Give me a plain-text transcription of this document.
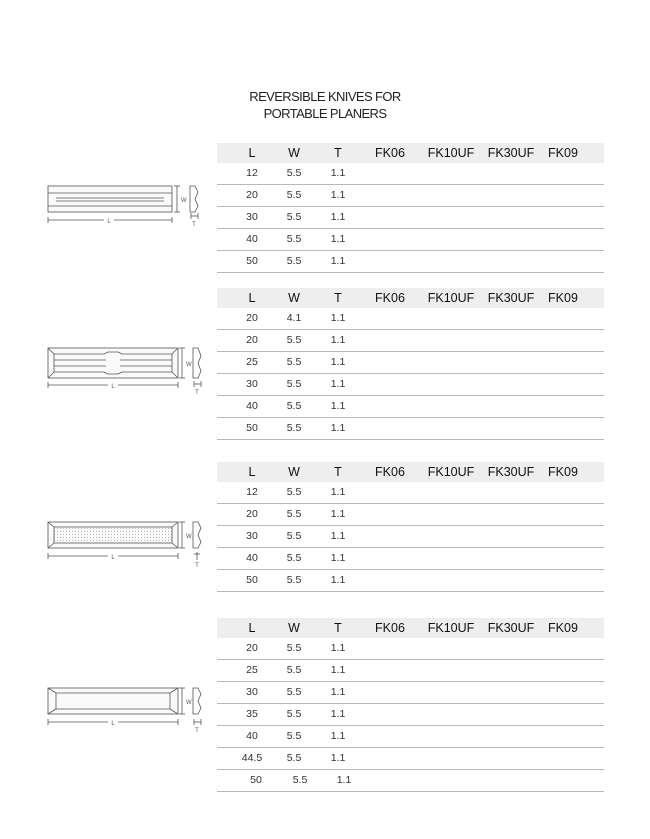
REVERSIBLE KNIVES FOR
PORTABLE PLANERS
L	W	T	FK06	FK10UF	FK30UF	FK09
12	5.5	1.1
20	5.5	1.1
30	5.5	1.1
40	5.5	1.1
50	5.5	1.1
L
W
T
L	W	T	FK06	FK10UF	FK30UF	FK09
20	4.1	1.1
20	5.5	1.1
25	5.5	1.1
30	5.5	1.1
40	5.5	1.1
50	5.5	1.1
L
W
T
L	W	T	FK06	FK10UF	FK30UF	FK09
12	5.5	1.1
20	5.5	1.1
30	5.5	1.1
40	5.5	1.1
50	5.5	1.1
L
W
T
L	W	T	FK06	FK10UF	FK30UF	FK09
20	5.5	1.1
25	5.5	1.1
30	5.5	1.1
35	5.5	1.1
40	5.5	1.1
44.5	5.5	1.1
50	5.5	1.1
L
W
T
